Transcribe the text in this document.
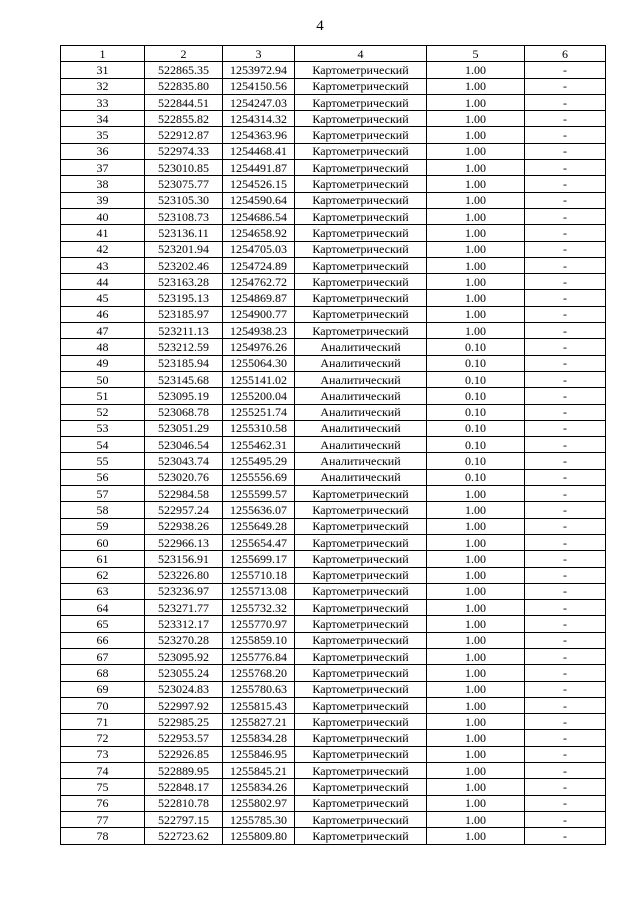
4
1	2	3	4	5	6
31	522865.35	1253972.94	Картометрический	1.00	-
32	522835.80	1254150.56	Картометрический	1.00	-
33	522844.51	1254247.03	Картометрический	1.00	-
34	522855.82	1254314.32	Картометрический	1.00	-
35	522912.87	1254363.96	Картометрический	1.00	-
36	522974.33	1254468.41	Картометрический	1.00	-
37	523010.85	1254491.87	Картометрический	1.00	-
38	523075.77	1254526.15	Картометрический	1.00	-
39	523105.30	1254590.64	Картометрический	1.00	-
40	523108.73	1254686.54	Картометрический	1.00	-
41	523136.11	1254658.92	Картометрический	1.00	-
42	523201.94	1254705.03	Картометрический	1.00	-
43	523202.46	1254724.89	Картометрический	1.00	-
44	523163.28	1254762.72	Картометрический	1.00	-
45	523195.13	1254869.87	Картометрический	1.00	-
46	523185.97	1254900.77	Картометрический	1.00	-
47	523211.13	1254938.23	Картометрический	1.00	-
48	523212.59	1254976.26	Аналитический	0.10	-
49	523185.94	1255064.30	Аналитический	0.10	-
50	523145.68	1255141.02	Аналитический	0.10	-
51	523095.19	1255200.04	Аналитический	0.10	-
52	523068.78	1255251.74	Аналитический	0.10	-
53	523051.29	1255310.58	Аналитический	0.10	-
54	523046.54	1255462.31	Аналитический	0.10	-
55	523043.74	1255495.29	Аналитический	0.10	-
56	523020.76	1255556.69	Аналитический	0.10	-
57	522984.58	1255599.57	Картометрический	1.00	-
58	522957.24	1255636.07	Картометрический	1.00	-
59	522938.26	1255649.28	Картометрический	1.00	-
60	522966.13	1255654.47	Картометрический	1.00	-
61	523156.91	1255699.17	Картометрический	1.00	-
62	523226.80	1255710.18	Картометрический	1.00	-
63	523236.97	1255713.08	Картометрический	1.00	-
64	523271.77	1255732.32	Картометрический	1.00	-
65	523312.17	1255770.97	Картометрический	1.00	-
66	523270.28	1255859.10	Картометрический	1.00	-
67	523095.92	1255776.84	Картометрический	1.00	-
68	523055.24	1255768.20	Картометрический	1.00	-
69	523024.83	1255780.63	Картометрический	1.00	-
70	522997.92	1255815.43	Картометрический	1.00	-
71	522985.25	1255827.21	Картометрический	1.00	-
72	522953.57	1255834.28	Картометрический	1.00	-
73	522926.85	1255846.95	Картометрический	1.00	-
74	522889.95	1255845.21	Картометрический	1.00	-
75	522848.17	1255834.26	Картометрический	1.00	-
76	522810.78	1255802.97	Картометрический	1.00	-
77	522797.15	1255785.30	Картометрический	1.00	-
78	522723.62	1255809.80	Картометрический	1.00	-
